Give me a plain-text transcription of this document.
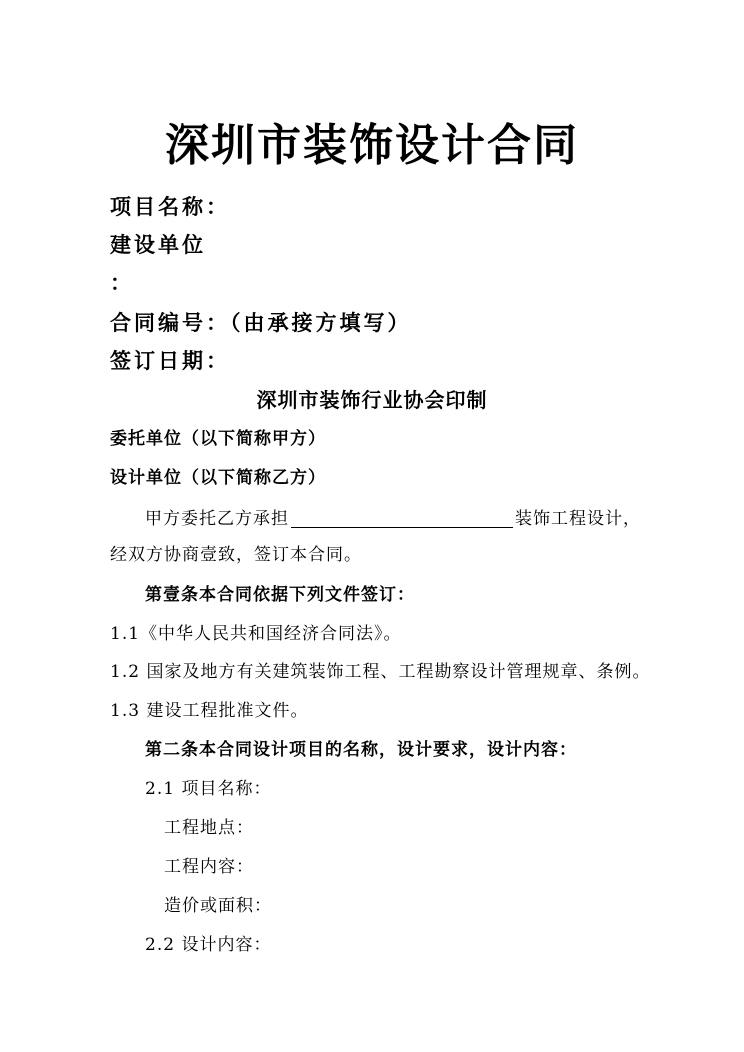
深圳市装饰设计合同
项目名称：
建设单位
：
合同编号：（由承接方填写）
签订日期：
深圳市装饰行业协会印制
委托单位（以下简称甲方）
设计单位（以下简称乙方）
甲方委托乙方承担	装饰工程设计，
经双方协商壹致，签订本合同。
第壹条本合同依据下列文件签订：
1.1《中华人民共和国经济合同法》。
1.2 国家及地方有关建筑装饰工程、工程勘察设计管理规章、条例。
1.3 建设工程批准文件。
第二条本合同设计项目的名称，设计要求，设计内容：
2.1 项目名称：
工程地点：
工程内容：
造价或面积：
2.2 设计内容：
